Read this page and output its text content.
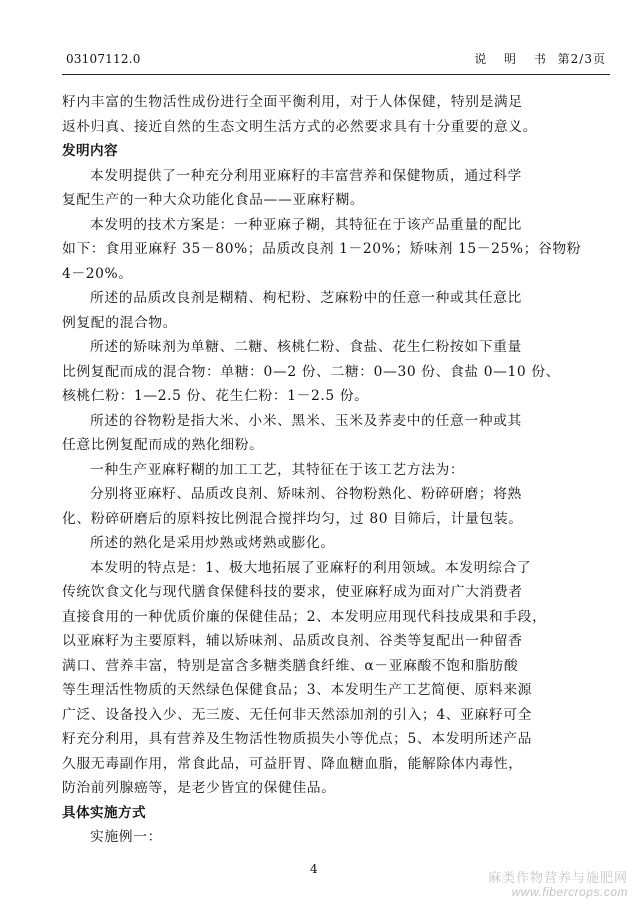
03107112.0	说 明 书 第2/3页
籽内丰富的生物活性成份进行全面平衡利用，对于人体保健，特别是满足
返朴归真、接近自然的生态文明生活方式的必然要求具有十分重要的意义。
发明内容
本发明提供了一种充分利用亚麻籽的丰富营养和保健物质，通过科学
复配生产的一种大众功能化食品——亚麻籽糊。
本发明的技术方案是：一种亚麻子糊，其特征在于该产品重量的配比
如下：食用亚麻籽 35－80%；品质改良剂 1－20%；矫味剂 15－25%；谷物粉
4－20%。
所述的品质改良剂是糊精、枸杞粉、芝麻粉中的任意一种或其任意比
例复配的混合物。
所述的矫味剂为单糖、二糖、核桃仁粉、食盐、花生仁粉按如下重量
比例复配而成的混合物：单糖：0—2 份、二糖：0—30 份、食盐 0—10 份、
核桃仁粉：1—2.5 份、花生仁粉：1－2.5 份。
所述的谷物粉是指大米、小米、黑米、玉米及荞麦中的任意一种或其
任意比例复配而成的熟化细粉。
一种生产亚麻籽糊的加工工艺，其特征在于该工艺方法为：
分别将亚麻籽、品质改良剂、矫味剂、谷物粉熟化、粉碎研磨；将熟
化、粉碎研磨后的原料按比例混合搅拌均匀，过 80 目筛后，计量包装。
所述的熟化是采用炒熟或烤熟或膨化。
本发明的特点是：1、极大地拓展了亚麻籽的利用领域。本发明综合了
传统饮食文化与现代膳食保健科技的要求，使亚麻籽成为面对广大消费者
直接食用的一种优质价廉的保健佳品；2、本发明应用现代科技成果和手段，
以亚麻籽为主要原料，辅以矫味剂、品质改良剂、谷类等复配出一种留香
满口、营养丰富，特别是富含多糖类膳食纤维、α－亚麻酸不饱和脂肪酸
等生理活性物质的天然绿色保健食品；3、本发明生产工艺简便、原料来源
广泛、设备投入少、无三废、无任何非天然添加剂的引入；4、亚麻籽可全
籽充分利用，具有营养及生物活性物质损失小等优点；5、本发明所述产品
久服无毒副作用，常食此品，可益肝胃、降血糖血脂，能解除体内毒性，
防治前列腺癌等，是老少皆宜的保健佳品。
具体实施方式
实施例一：
4
麻类作物营养与施肥网
www.fibercrops.com
